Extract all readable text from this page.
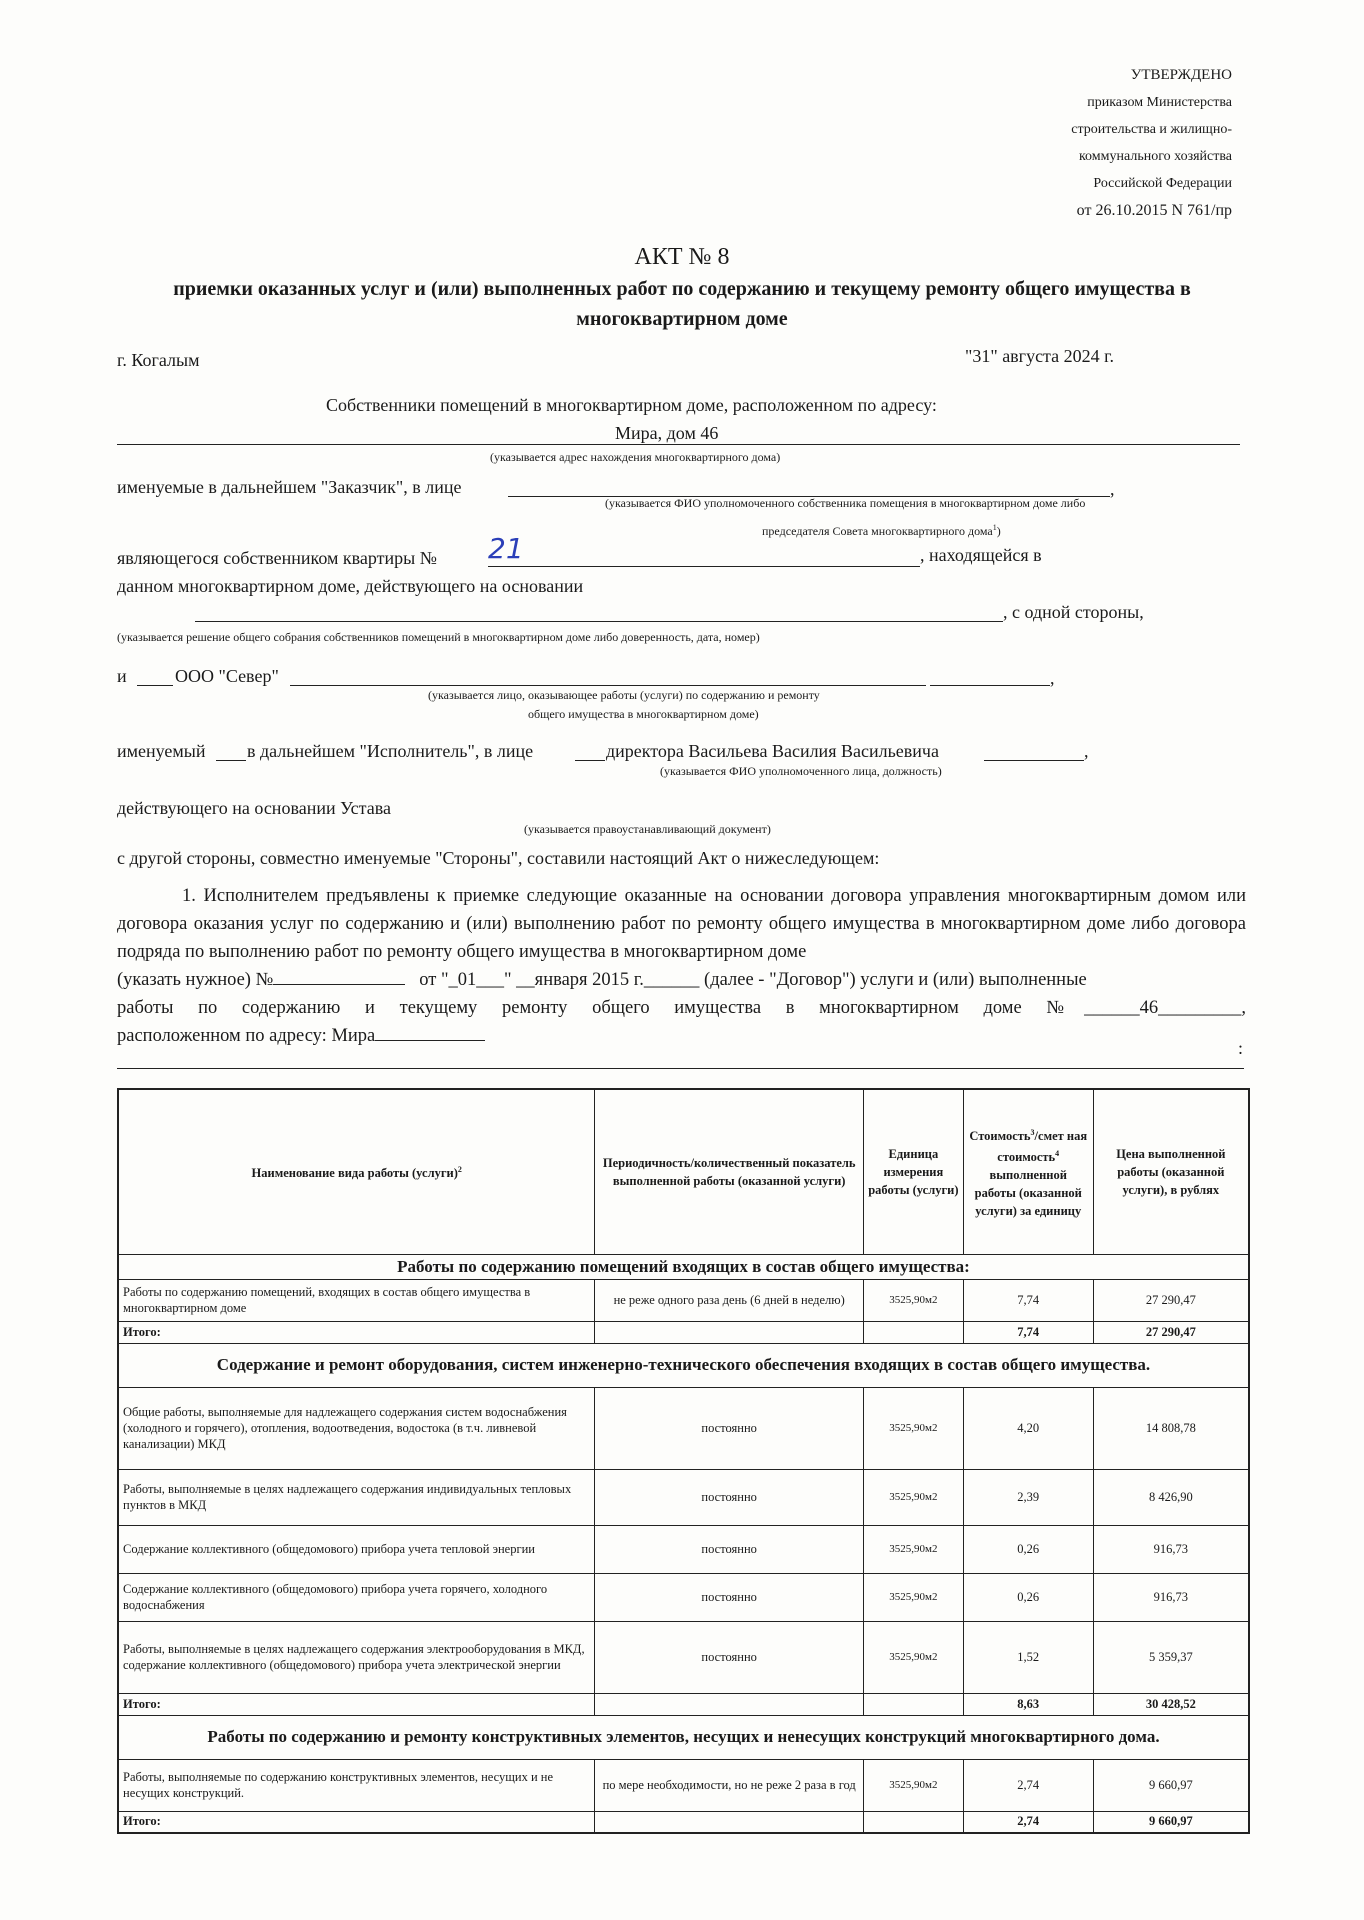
УТВЕРЖДЕНО
приказом Министерства
строительства и жилищно-
коммунального хозяйства
Российской Федерации
от 26.10.2015 N 761/пр
АКТ № 8
приемки оказанных услуг и (или) выполненных работ по содержанию и текущему ремонту общего имущества в многоквартирном доме
г. Когалым	"31" августа 2024 г.
Собственники помещений в многоквартирном доме, расположенном по адресу:
Мира, дом 46
(указывается адрес нахождения многоквартирного дома)
именуемые в дальнейшем "Заказчик", в лице	,
(указывается ФИО уполномоченного собственника помещения в многоквартирном доме либо
председателя Совета многоквартирного дома$^1$)
являющегося собственником квартиры № 21	, находящейся в
данном многоквартирном доме, действующего на основании
, с одной стороны,
(указывается решение общего собрания собственников помещений в многоквартирном доме либо доверенность, дата, номер)
и	ООО "Север"	,
(указывается лицо, оказывающее работы (услуги) по содержанию и ремонту
общего имущества в многоквартирном доме)
именуемый в дальнейшем "Исполнитель", в лице	директора Васильева Василия Васильевича	,
(указывается ФИО уполномоченного лица, должность)
действующего на основании Устава
(указывается правоустанавливающий документ)
с другой стороны, совместно именуемые "Стороны", составили настоящий Акт о нижеследующем:
1. Исполнителем предъявлены к приемке следующие оказанные на основании договора управления многоквартирным домом или договора оказания услуг по содержанию и (или) выполнению работ по ремонту общего имущества в многоквартирном доме либо договора подряда по выполнению работ по ремонту общего имущества в многоквартирном доме
(указать нужное) №	от "_01___" __января 2015 г.______ (далее - "Договор") услуги и (или) выполненные
работы по содержанию и текущему ремонту общего имущества в многоквартирном доме №______46_________,
расположенном по адресу: Мира
:
Наименование вида работы (услуги)$^2$	Периодичность/количественный показатель выполненной работы (оказанной услуги)	Единица измерения работы (услуги)	Стоимость$^3$/смет ная стоимость$^4$ выполненной работы (оказанной услуги) за единицу	Цена выполненной работы (оказанной услуги), в рублях
Работы по содержанию помещений входящих в состав общего имущества:				
Работы по содержанию помещений, входящих в состав общего имущества в многоквартирном доме	не реже одного раза день (6 дней в неделю)	3525,90м2	7,74	27 290,47
Итого:			7,74	27 290,47
Содержание и ремонт оборудования, систем инженерно-технического обеспечения входящих в состав общего имущества.				
Общие работы, выполняемые для надлежащего содержания систем водоснабжения (холодного и горячего), отопления, водоотведения, водостока (в т.ч. ливневой канализации) МКД	постоянно	3525,90м2	4,20	14 808,78
Работы, выполняемые в целях надлежащего содержания индивидуальных тепловых пунктов в МКД	постоянно	3525,90м2	2,39	8 426,90
Содержание коллективного (общедомового) прибора учета тепловой энергии	постоянно	3525,90м2	0,26	916,73
Содержание коллективного (общедомового) прибора учета горячего, холодного водоснабжения	постоянно	3525,90м2	0,26	916,73
Работы, выполняемые в целях надлежащего содержания электрооборудования в МКД, содержание коллективного (общедомового) прибора учета электрической энергии	постоянно	3525,90м2	1,52	5 359,37
Итого:			8,63	30 428,52
Работы по содержанию и ремонту конструктивных элементов, несущих и ненесущих конструкций многоквартирного дома.				
Работы, выполняемые по содержанию конструктивных элементов, несущих и не несущих конструкций.	по мере необходимости, но не реже 2 раза в год	3525,90м2	2,74	9 660,97
Итого:			2,74	9 660,97
